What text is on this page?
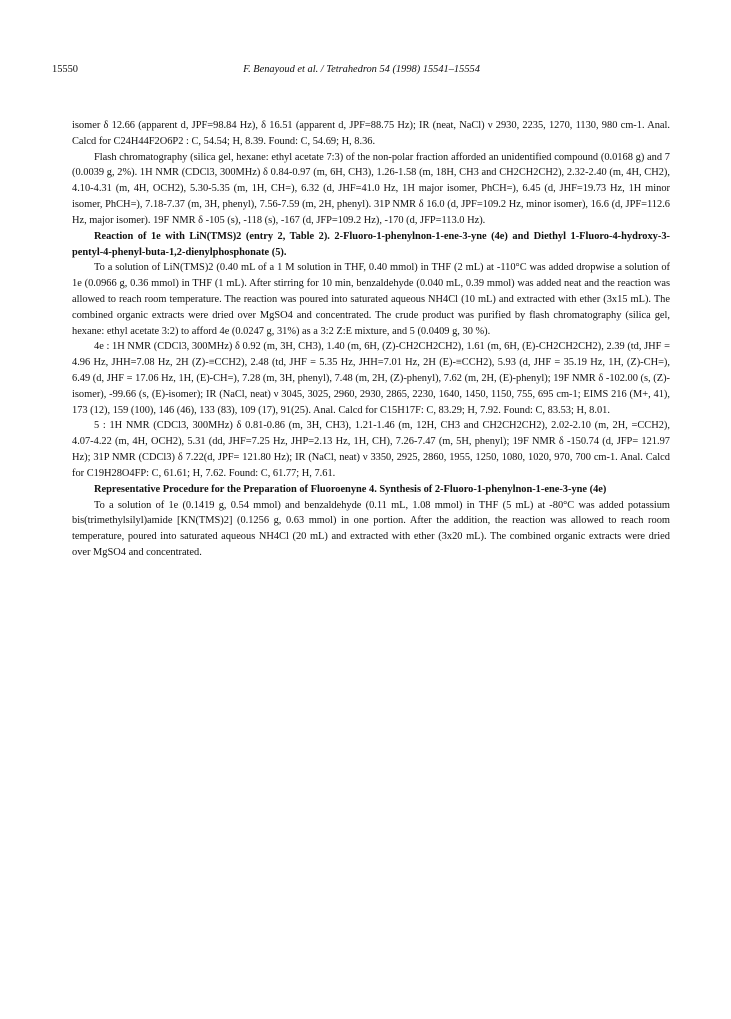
15550	F. Benayoud et al. / Tetrahedron 54 (1998) 15541–15554

isomer δ 12.66 (apparent d, JPF=98.84 Hz), δ 16.51 (apparent d, JPF=88.75 Hz); IR (neat, NaCl) ν 2930, 2235, 1270, 1130, 980 cm-1. Anal. Calcd for C24H44F2O6P2 : C, 54.54; H, 8.39. Found: C, 54.69; H, 8.36.

Flash chromatography (silica gel, hexane: ethyl acetate 7:3) of the non-polar fraction afforded an unidentified compound (0.0168 g) and 7 (0.0039 g, 2%). 1H NMR (CDCl3, 300MHz) δ 0.84-0.97 (m, 6H, CH3), 1.26-1.58 (m, 18H, CH3 and CH2CH2CH2), 2.32-2.40 (m, 4H, CH2), 4.10-4.31 (m, 4H, OCH2), 5.30-5.35 (m, 1H, CH=), 6.32 (d, JHF=41.0 Hz, 1H major isomer, PhCH=), 6.45 (d, JHF=19.73 Hz, 1H minor isomer, PhCH=), 7.18-7.37 (m, 3H, phenyl), 7.56-7.59 (m, 2H, phenyl). 31P NMR δ 16.0 (d, JPF=109.2 Hz, minor isomer), 16.6 (d, JPF=112.6 Hz, major isomer). 19F NMR δ -105 (s), -118 (s), -167 (d, JFP=109.2 Hz), -170 (d, JFP=113.0 Hz).

Reaction of 1e with LiN(TMS)2 (entry 2, Table 2). 2-Fluoro-1-phenylnon-1-ene-3-yne (4e) and Diethyl 1-Fluoro-4-hydroxy-3-pentyl-4-phenyl-buta-1,2-dienylphosphonate (5).

To a solution of LiN(TMS)2 (0.40 mL of a 1 M solution in THF, 0.40 mmol) in THF (2 mL) at -110°C was added dropwise a solution of 1e (0.0966 g, 0.36 mmol) in THF (1 mL). After stirring for 10 min, benzaldehyde (0.040 mL, 0.39 mmol) was added neat and the reaction was allowed to reach room temperature. The reaction was poured into saturated aqueous NH4Cl (10 mL) and extracted with ether (3x15 mL). The combined organic extracts were dried over MgSO4 and concentrated. The crude product was purified by flash chromatography (silica gel, hexane: ethyl acetate 3:2) to afford 4e (0.0247 g, 31%) as a 3:2 Z:E mixture, and 5 (0.0409 g, 30 %).

4e : 1H NMR (CDCl3, 300MHz) δ 0.92 (m, 3H, CH3), 1.40 (m, 6H, (Z)-CH2CH2CH2), 1.61 (m, 6H, (E)-CH2CH2CH2), 2.39 (td, JHF = 4.96 Hz, JHH=7.08 Hz, 2H (Z)-≡CCH2), 2.48 (td, JHF = 5.35 Hz, JHH=7.01 Hz, 2H (E)-≡CCH2), 5.93 (d, JHF = 35.19 Hz, 1H, (Z)-CH=), 6.49 (d, JHF = 17.06 Hz, 1H, (E)-CH=), 7.28 (m, 3H, phenyl), 7.48 (m, 2H, (Z)-phenyl), 7.62 (m, 2H, (E)-phenyl); 19F NMR δ -102.00 (s, (Z)-isomer), -99.66 (s, (E)-isomer); IR (NaCl, neat) ν 3045, 3025, 2960, 2930, 2865, 2230, 1640, 1450, 1150, 755, 695 cm-1; EIMS 216 (M+, 41), 173 (12), 159 (100), 146 (46), 133 (83), 109 (17), 91(25). Anal. Calcd for C15H17F: C, 83.29; H, 7.92. Found: C, 83.53; H, 8.01.

5 : 1H NMR (CDCl3, 300MHz) δ 0.81-0.86 (m, 3H, CH3), 1.21-1.46 (m, 12H, CH3 and CH2CH2CH2), 2.02-2.10 (m, 2H, =CCH2), 4.07-4.22 (m, 4H, OCH2), 5.31 (dd, JHF=7.25 Hz, JHP=2.13 Hz, 1H, CH), 7.26-7.47 (m, 5H, phenyl); 19F NMR δ -150.74 (d, JFP= 121.97 Hz); 31P NMR (CDCl3) δ 7.22(d, JPF= 121.80 Hz); IR (NaCl, neat) ν 3350, 2925, 2860, 1955, 1250, 1080, 1020, 970, 700 cm-1. Anal. Calcd for C19H28O4FP: C, 61.61; H, 7.62. Found: C, 61.77; H, 7.61.

Representative Procedure for the Preparation of Fluoroenyne 4. Synthesis of 2-Fluoro-1-phenylnon-1-ene-3-yne (4e)

To a solution of 1e (0.1419 g, 0.54 mmol) and benzaldehyde (0.11 mL, 1.08 mmol) in THF (5 mL) at -80°C was added potassium bis(trimethylsilyl)amide [KN(TMS)2] (0.1256 g, 0.63 mmol) in one portion. After the addition, the reaction was allowed to reach room temperature, poured into saturated aqueous NH4Cl (20 mL) and extracted with ether (3x20 mL). The combined organic extracts were dried over MgSO4 and concentrated.
